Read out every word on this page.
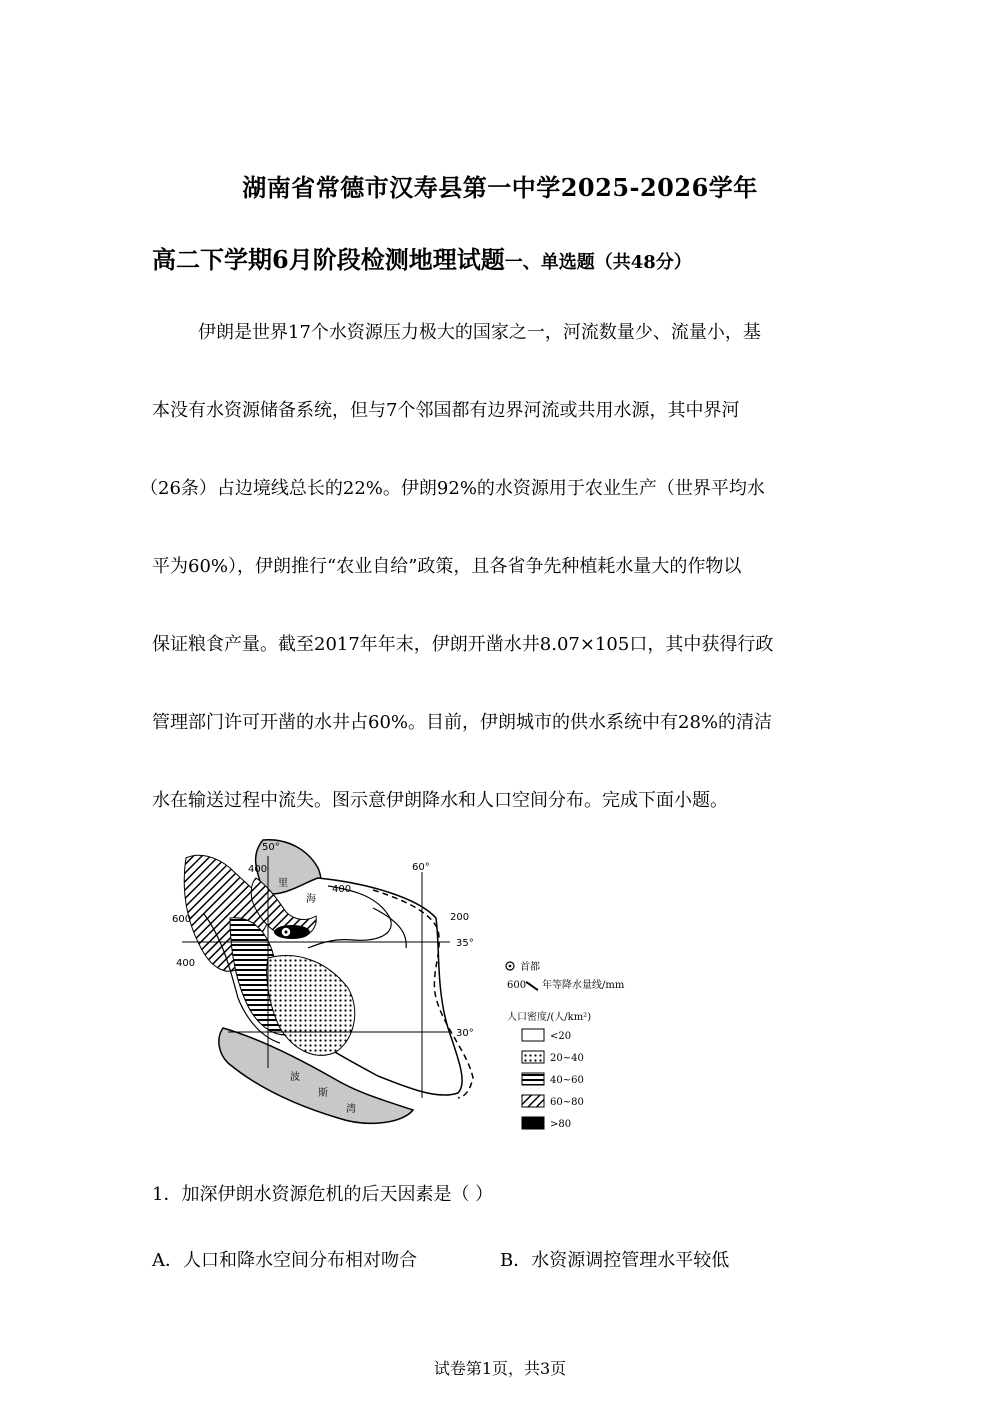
湖南省常德市汉寿县第一中学2025-2026学年
高二下学期6月阶段检测地理试题一、单选题（共48分）
伊朗是世界17个水资源压力极大的国家之一，河流数量少、流量小，基
本没有水资源储备系统，但与7个邻国都有边界河流或共用水源，其中界河
（26条）占边境线总长的22%。伊朗92%的水资源用于农业生产（世界平均水
平为60%），伊朗推行“农业自给”政策，且各省争先种植耗水量大的作物以
保证粮食产量。截至2017年年末，伊朗开凿水井8.07×105口，其中获得行政
管理部门许可开凿的水井占60%。目前，伊朗城市的供水系统中有28%的清洁
水在输送过程中流失。图示意伊朗降水和人口空间分布。完成下面小题。
50°
60°
35°
30°
400
400
600
400
200
里
海
波
斯
湾
首都
600 年等降水量线/mm
人口密度/(人/km²)
<20
20~40
40~60
60~80
>80
1．加深伊朗水资源危机的后天因素是（ ）
A．人口和降水空间分布相对吻合	B．水资源调控管理水平较低
试卷第1页，共3页
